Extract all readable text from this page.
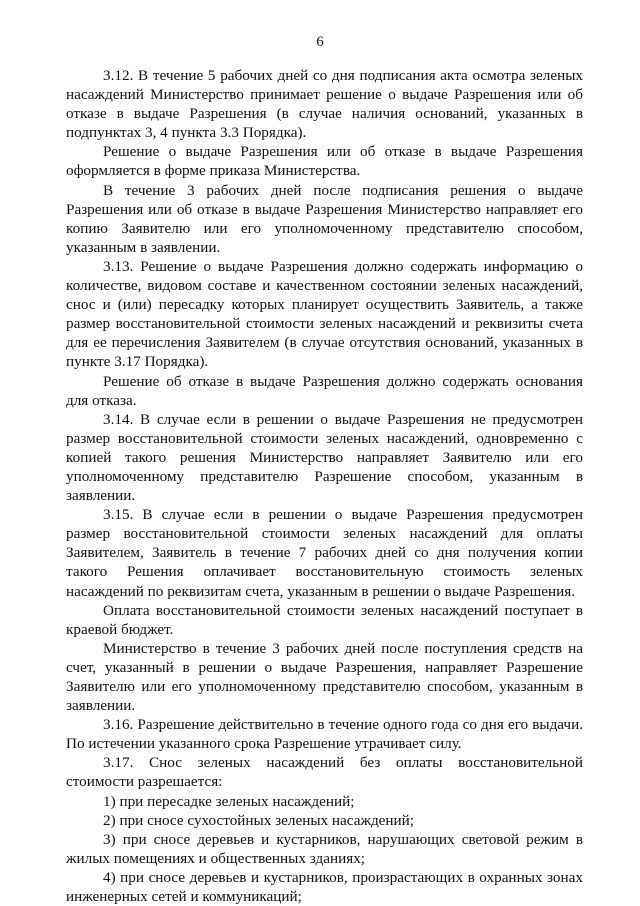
6

3.12. В течение 5 рабочих дней со дня подписания акта осмотра зеленых насаждений Министерство принимает решение о выдаче Разрешения или об отказе в выдаче Разрешения (в случае наличия оснований, указанных в подпунктах 3, 4 пункта 3.3 Порядка).

Решение о выдаче Разрешения или об отказе в выдаче Разрешения оформляется в форме приказа Министерства.

В течение 3 рабочих дней после подписания решения о выдаче Разрешения или об отказе в выдаче Разрешения Министерство направляет его копию Заявителю или его уполномоченному представителю способом, указанным в заявлении.

3.13. Решение о выдаче Разрешения должно содержать информацию о количестве, видовом составе и качественном состоянии зеленых насаждений, снос и (или) пересадку которых планирует осуществить Заявитель, а также размер восстановительной стоимости зеленых насаждений и реквизиты счета для ее перечисления Заявителем (в случае отсутствия оснований, указанных в пункте 3.17 Порядка).

Решение об отказе в выдаче Разрешения должно содержать основания для отказа.

3.14. В случае если в решении о выдаче Разрешения не предусмотрен размер восстановительной стоимости зеленых насаждений, одновременно с копией такого решения Министерство направляет Заявителю или его уполномоченному представителю Разрешение способом, указанным в заявлении.

3.15. В случае если в решении о выдаче Разрешения предусмотрен размер восстановительной стоимости зеленых насаждений для оплаты Заявителем, Заявитель в течение 7 рабочих дней со дня получения копии такого Решения оплачивает восстановительную стоимость зеленых насаждений по реквизитам счета, указанным в решении о выдаче Разрешения.

Оплата восстановительной стоимости зеленых насаждений поступает в краевой бюджет.

Министерство в течение 3 рабочих дней после поступления средств на счет, указанный в решении о выдаче Разрешения, направляет Разрешение Заявителю или его уполномоченному представителю способом, указанным в заявлении.

3.16. Разрешение действительно в течение одного года со дня его выдачи. По истечении указанного срока Разрешение утрачивает силу.

3.17. Снос зеленых насаждений без оплаты восстановительной стоимости разрешается:

1) при пересадке зеленых насаждений;

2) при сносе сухостойных зеленых насаждений;

3) при сносе деревьев и кустарников, нарушающих световой режим в жилых помещениях и общественных зданиях;

4) при сносе деревьев и кустарников, произрастающих в охранных зонах инженерных сетей и коммуникаций;
